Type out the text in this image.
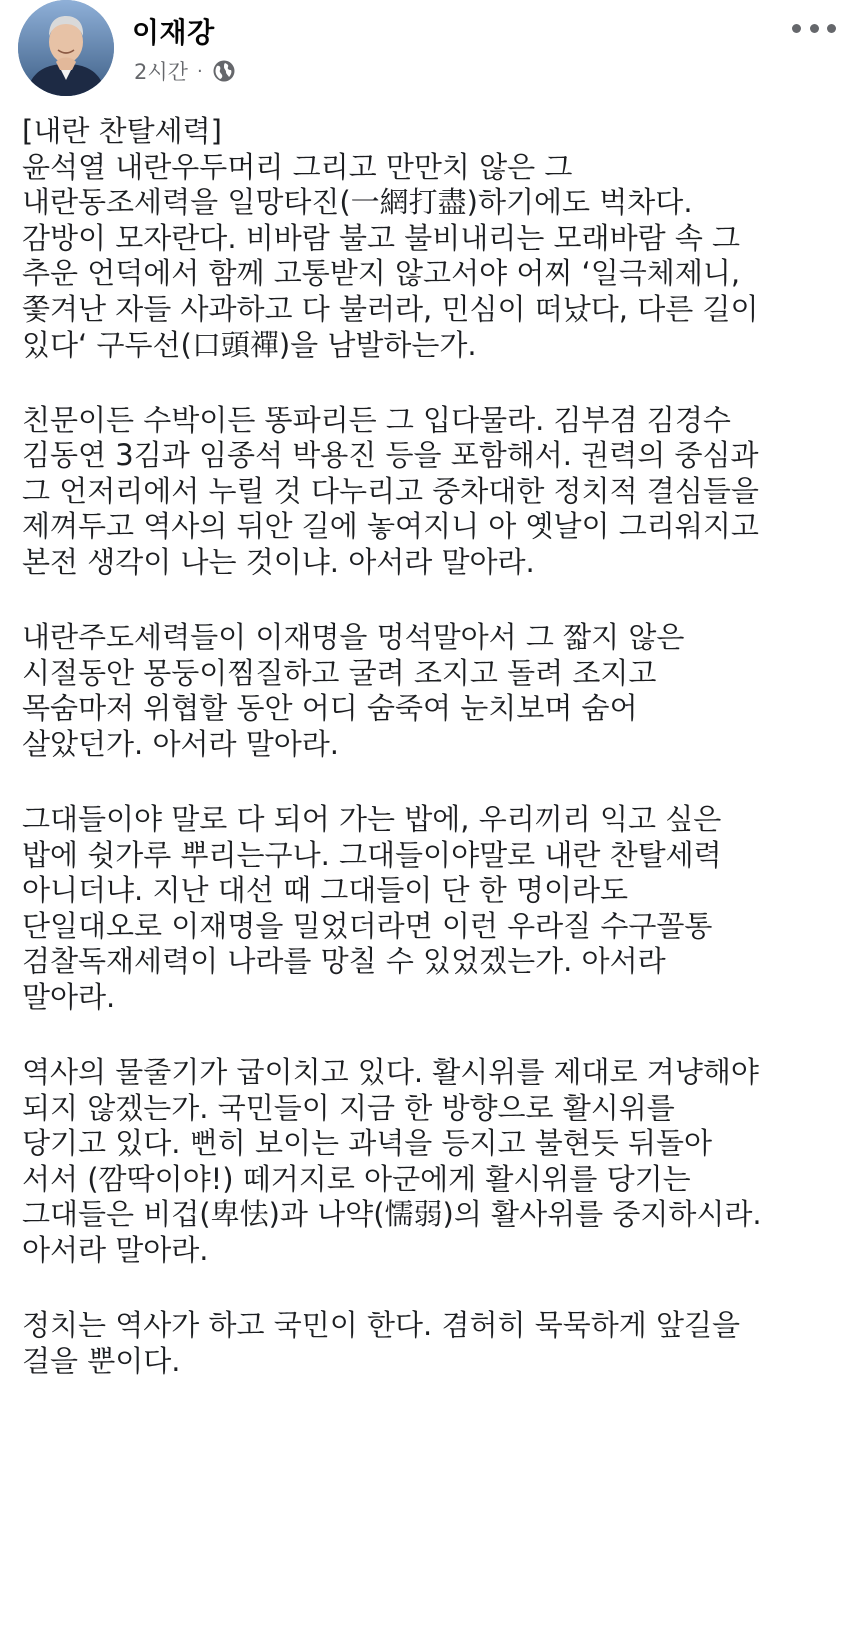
이재강
2시간 ·
[내란 찬탈세력]
윤석열 내란우두머리 그리고 만만치 않은 그
내란동조세력을 일망타진(一網打盡)하기에도 벅차다.
감방이 모자란다. 비바람 불고 불비내리는 모래바람 속 그
추운 언덕에서 함께 고통받지 않고서야 어찌 ‘일극체제니,
쫓겨난 자들 사과하고 다 불러라, 민심이 떠났다, 다른 길이
있다‘ 구두선(口頭禪)을 남발하는가.
친문이든 수박이든 똥파리든 그 입다물라. 김부겸 김경수
김동연 3김과 임종석 박용진 등을 포함해서. 권력의 중심과
그 언저리에서 누릴 것 다누리고 중차대한 정치적 결심들을
제껴두고 역사의 뒤안 길에 놓여지니 아 옛날이 그리워지고
본전 생각이 나는 것이냐. 아서라 말아라.
내란주도세력들이 이재명을 멍석말아서 그 짧지 않은
시절동안 몽둥이찜질하고 굴려 조지고 돌려 조지고
목숨마저 위협할 동안 어디 숨죽여 눈치보며 숨어
살았던가. 아서라 말아라.
그대들이야 말로 다 되어 가는 밥에, 우리끼리 익고 싶은
밥에 쉿가루 뿌리는구나. 그대들이야말로 내란 찬탈세력
아니더냐. 지난 대선 때 그대들이 단 한 명이라도
단일대오로 이재명을 밀었더라면 이런 우라질 수구꼴통
검찰독재세력이 나라를 망칠 수 있었겠는가. 아서라
말아라.
역사의 물줄기가 굽이치고 있다. 활시위를 제대로 겨냥해야
되지 않겠는가. 국민들이 지금 한 방향으로 활시위를
당기고 있다. 뻔히 보이는 과녁을 등지고 불현듯 뒤돌아
서서 (깜딱이야!) 떼거지로 아군에게 활시위를 당기는
그대들은 비겁(卑怯)과 나약(懦弱)의 활사위를 중지하시라.
아서라 말아라.
정치는 역사가 하고 국민이 한다. 겸허히 묵묵하게 앞길을
걸을 뿐이다.
